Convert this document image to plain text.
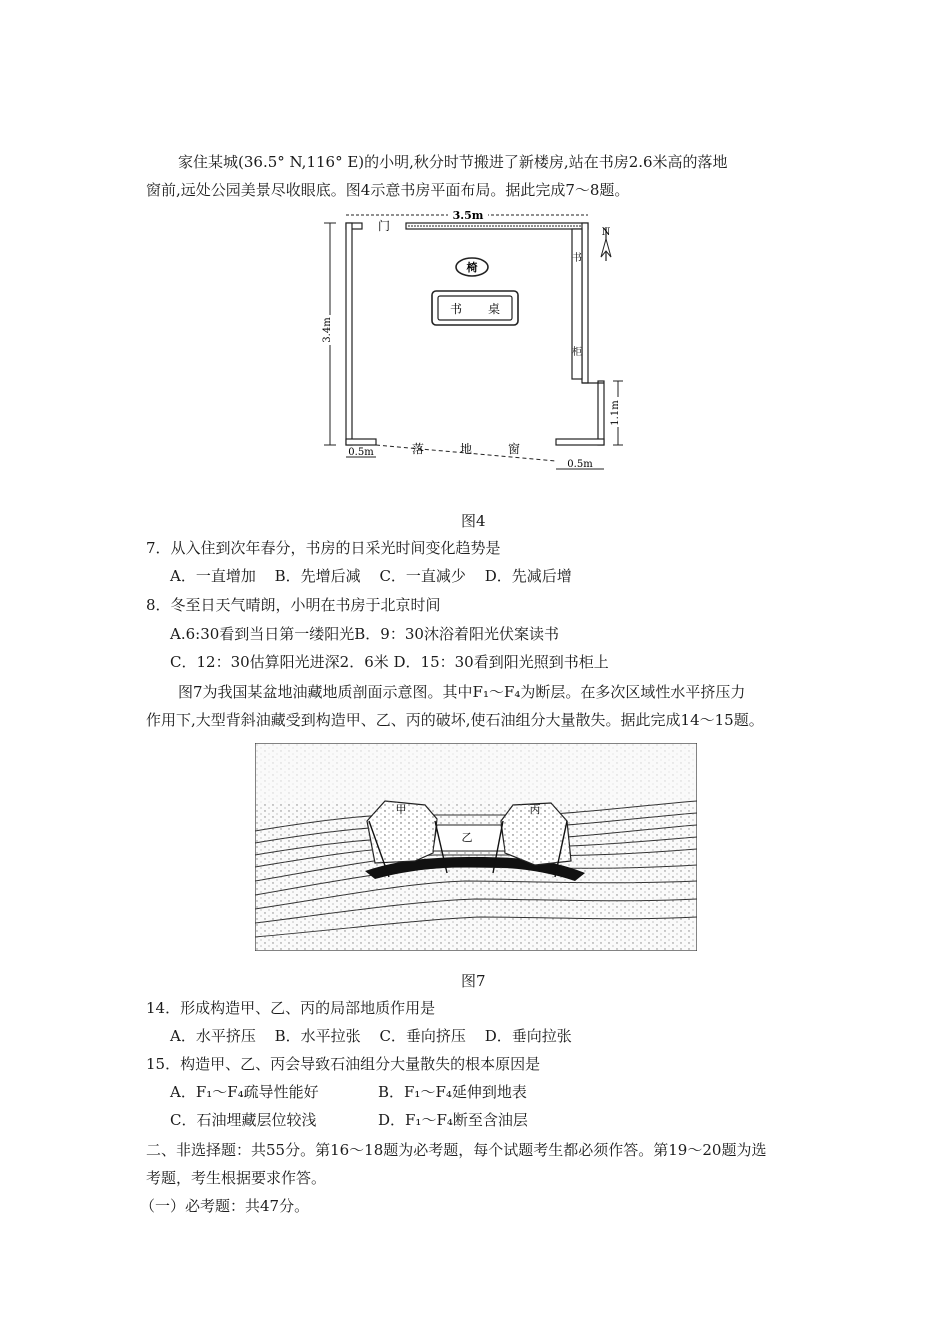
家住某城(36.5° N,116° E)的小明,秋分时节搬进了新楼房,站在书房2.6米高的落地
窗前,远处公园美景尽收眼底。图4示意书房平面布局。据此完成7～8题。
3.5m
3.4m
门
落	地	窗
椅
书 桌
书
柜
N
1.1m
0.5m
0.5m
图4
7．从入住到次年春分，书房的日采光时间变化趋势是
A．一直增加 B．先增后减 C．一直减少 D．先减后增
8．冬至日天气晴朗，小明在书房于北京时间
A.6:30看到当日第一缕阳光B．9：30沐浴着阳光伏案读书
C．12：30估算阳光进深2．6米 D．15：30看到阳光照到书柜上
图7为我国某盆地油藏地质剖面示意图。其中F₁～F₄为断层。在多次区域性水平挤压力
作用下,大型背斜油藏受到构造甲、乙、丙的破坏,使石油组分大量散失。据此完成14～15题。
甲
乙
丙
图7
14．形成构造甲、乙、丙的局部地质作用是
A．水平挤压 B．水平拉张 C．垂向挤压 D．垂向拉张
15．构造甲、乙、丙会导致石油组分大量散失的根本原因是
A．F₁～F₄疏导性能好	B．F₁～F₄延伸到地表
C．石油埋藏层位较浅	D．F₁～F₄断至含油层
二、非选择题：共55分。第16～18题为必考题，每个试题考生都必须作答。第19～20题为选
考题，考生根据要求作答。
（一）必考题：共47分。
